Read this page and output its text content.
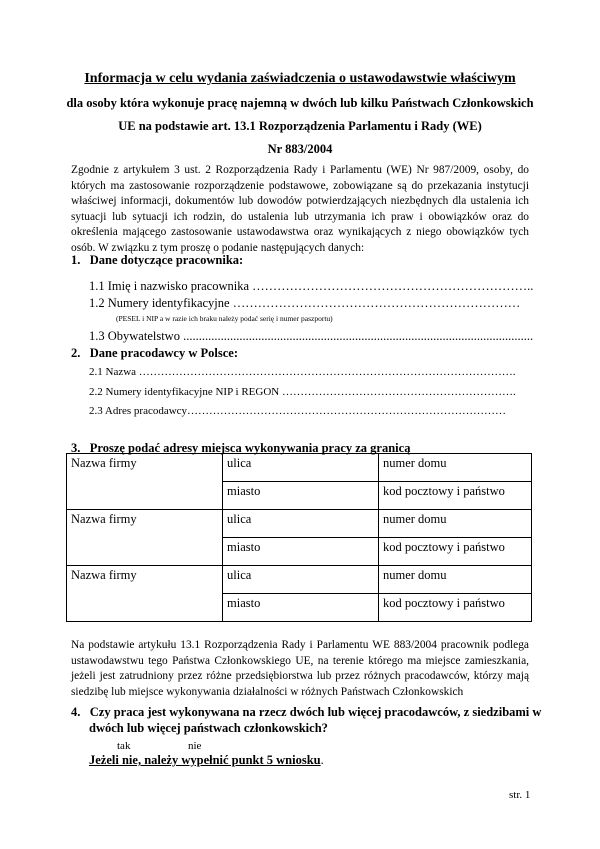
Informacja w celu wydania zaświadczenia o ustawodawstwie właściwym
dla osoby która wykonuje pracę najemną w dwóch lub kilku Państwach Członkowskich
UE na podstawie art. 13.1 Rozporządzenia Parlamentu i Rady (WE)
Nr 883/2004
Zgodnie z artykułem 3 ust. 2 Rozporządzenia Rady i Parlamentu (WE) Nr 987/2009, osoby, do których ma zastosowanie rozporządzenie podstawowe, zobowiązane są do przekazania instytucji właściwej informacji, dokumentów lub dowodów potwierdzających niezbędnych dla ustalenia ich sytuacji lub sytuacji ich rodzin, do ustalenia lub utrzymania ich praw i obowiązków oraz do określenia mającego zastosowanie ustawodawstwa oraz wynikających z niego obowiązków tych osób. W związku z tym proszę o podanie następujących danych:
1.   Dane dotyczące pracownika:
1.1 Imię i nazwisko pracownika …………………………………………………………..
1.2 Numery identyfikacyjne ……………………………………………………………
(PESEL i NIP a w razie ich braku należy podać serię i numer paszportu)
1.3 Obywatelstwo ................................................................................................................
2.   Dane pracodawcy w Polsce:
2.1 Nazwa ………………………………………………………………………………………….
2.2 Numery identyfikacyjne NIP i REGON ……………………………………………………….
2.3 Adres pracodawcy……………………………………………………………………………
3.   Proszę podać adresy miejsca wykonywania pracy za granicą
Nazwa firmy	ulica	numer domu
	miasto	kod pocztowy i państwo
Nazwa firmy	ulica	numer domu
	miasto	kod pocztowy i państwo
Nazwa firmy	ulica	numer domu
	miasto	kod pocztowy i państwo
Na podstawie artykułu 13.1 Rozporządzenia Rady i Parlamentu WE 883/2004 pracownik podlega ustawodawstwu tego Państwa Członkowskiego UE, na terenie którego ma miejsce zamieszkania, jeżeli jest zatrudniony przez różne przedsiębiorstwa lub przez różnych pracodawców, którzy mają siedzibę lub miejsce wykonywania działalności w różnych Państwach Członkowskich
4.   Czy praca jest wykonywana na rzecz dwóch lub więcej pracodawców, z siedzibami w
dwóch lub więcej państwach członkowskich?
tak	nie
Jeżeli nie, należy wypełnić punkt 5 wniosku.
str. 1
